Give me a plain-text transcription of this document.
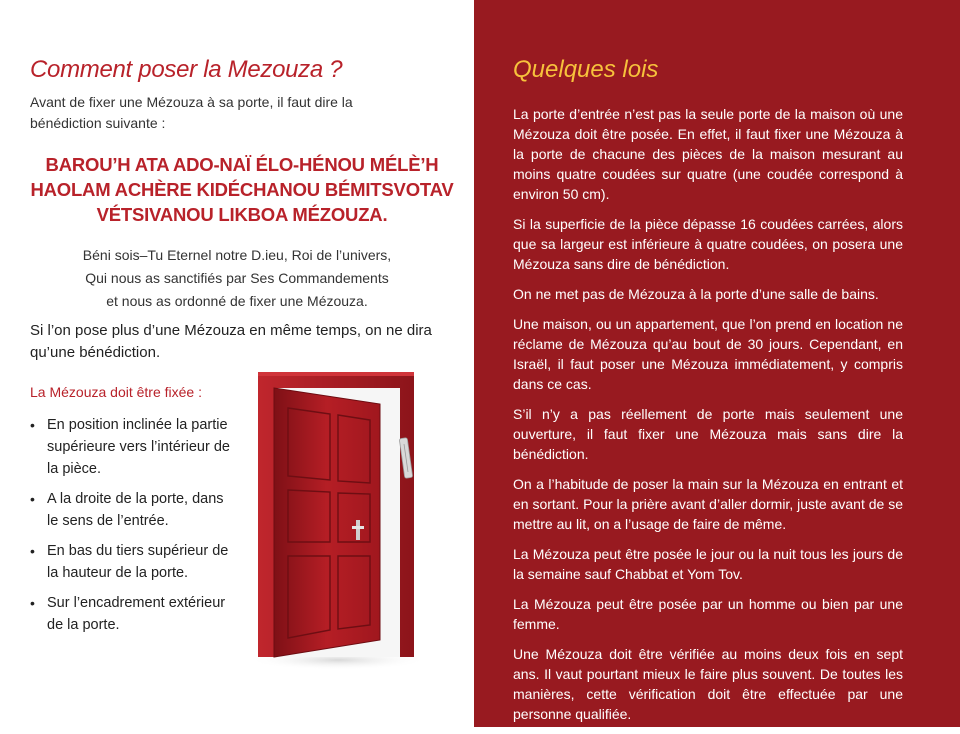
Comment poser la Mezouza ?

Avant de fixer une Mézouza à sa porte, il faut dire la bénédiction suivante :

BAROU’H ATA ADO-NAÏ ÉLO-HÉNOU MÉLÈ’H HAOLAM ACHÈRE KIDÉCHANOU BÉMITSVOTAV VÉTSIVANOU LIKBOA MÉZOUZA.

Béni sois–Tu Eternel notre D.ieu, Roi de l’univers,
Qui nous as sanctifiés par Ses Commandements
et nous as ordonné de fixer une Mézouza.

Si l’on pose plus d’une Mézouza en même temps, on ne dira qu’une bénédiction.

La Mézouza doit être fixée :

• En position inclinée la partie supérieure vers l’intérieur de la pièce.
• A la droite de la porte, dans le sens de l’entrée.
• En bas du tiers supérieur de la hauteur de la porte.
• Sur l’encadrement extérieur de la porte.
Quelques lois

La porte d’entrée n’est pas la seule porte de la maison où une Mézouza doit être posée. En effet, il faut fixer une Mézouza à la porte de chacune des pièces de la maison mesurant au moins quatre coudées sur quatre (une coudée correspond à environ 50 cm).

Si la superficie de la pièce dépasse 16 coudées carrées, alors que sa largeur est inférieure à quatre coudées, on posera une Mézouza sans dire de bénédiction.

On ne met pas de Mézouza à la porte d’une salle de bains.

Une maison, ou un appartement, que l’on prend en location ne réclame de Mézouza qu’au bout de 30 jours. Cependant, en Israël, il faut poser une Mézouza immédiatement, y compris dans ce cas.

S’il n’y a pas réellement de porte mais seulement une ouverture, il faut fixer une Mézouza mais sans dire la bénédiction.

On a l’habitude de poser la main sur la Mézouza en entrant et en sortant. Pour la prière avant d’aller dormir, juste avant de se mettre au lit, on a l’usage de faire de même.

La Mézouza peut être posée le jour ou la nuit tous les jours de la semaine sauf Chabbat et Yom Tov.

La Mézouza peut être posée par un homme ou bien par une femme.

Une Mézouza doit être vérifiée au moins deux fois en sept ans. Il vaut pourtant mieux le faire plus souvent. De toutes les manières, cette vérification doit être effectuée par une personne qualifiée.
